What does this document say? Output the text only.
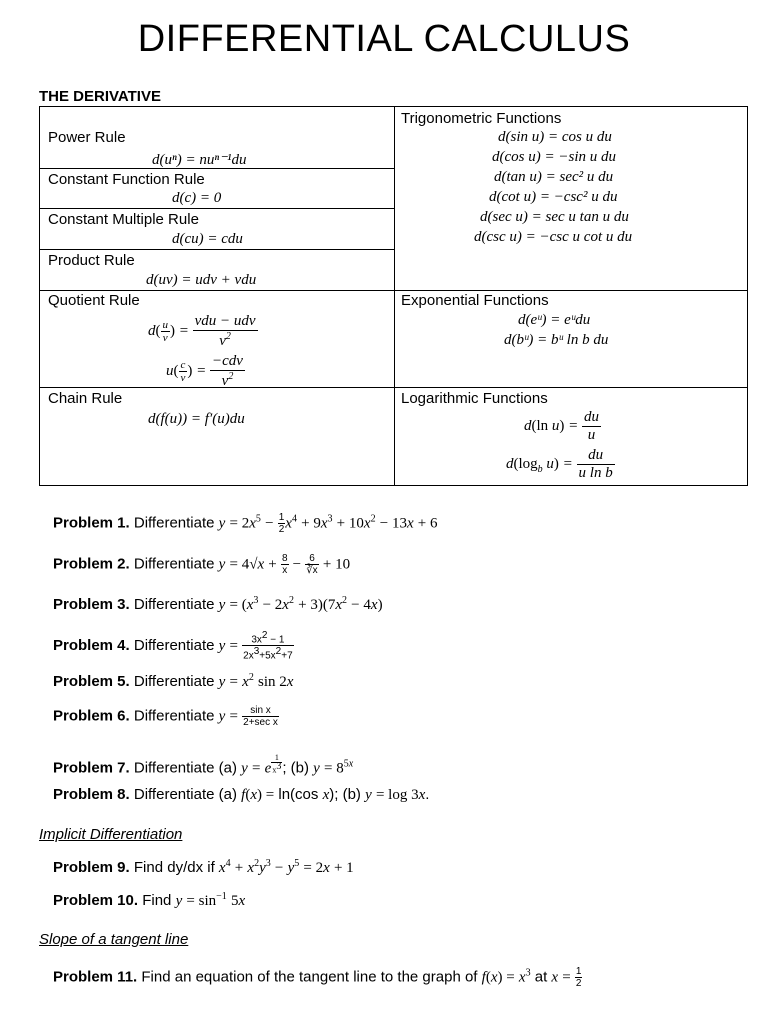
DIFFERENTIAL CALCULUS
THE DERIVATIVE
Power Rule
d(uⁿ) = nuⁿ⁻¹du
Constant Function Rule
d(c) = 0
Constant Multiple Rule
d(cu) = cdu
Product Rule
d(uv) = udv + vdu
Quotient Rule
$d( \frac{u}{v}$ ) = $\frac{\text{vdu − udv}}{v^2}$
$u( \frac{c}{v}$ ) = $\frac{\text{−cdv}}{v^2}$
Chain Rule
d(f(u)) = f′(u)du
Trigonometric Functions
d(sin u) = cos u du
d(cos u) = −sin u du
d(tan u) = sec² u du
d(cot u) = −csc² u du
d(sec u) = sec u tan u du
d(csc u) = −csc u cot u du
Exponential Functions
d(eᵘ) = eᵘdu
d(bᵘ) = bᵘ ln b du
Logarithmic Functions
d(ln $u) = \frac{du}{u}$
$d(\log_b$ $u) = \frac{du}{\text{u ln b}}$
Problem 1. Differentiate $y = 2x^5 - \frac{1}{2} x^4 + 9x^3 + 10x^2 - 13x + 6$
Problem 2. Differentiate $y = 4√x + \frac{8}{x} - \frac{6}{∛x} + 10$
Problem 3. Differentiate $y = (x^3 - 2x^2 + 3)(7x^2 - 4x)$
Problem 4. Differentiate $y = \frac{3x^2 - 1}{2x^3+5x^2+7}$
Problem 5. Differentiate $y = x^2$ sin 2x
Problem 6. Differentiate $y = \frac{\text{sin x}}{\text{2+sec x}}$
Problem 7. Differentiate (a) y = e $^{\frac{1}{x^3}}$ ; (b) $y = 8^{5x}$
Problem 8. Differentiate (a) f(x) = ln(cos x); (b) y = log 3x.
Implicit Differentiation
Problem 9. Find dy/dx if $x^4 + x^2y^3 - y^5 = 2x + 1$
Problem 10. Find $y = \sin^{-1} 5x$
Slope of a tangent line
Problem 11. Find an equation of the tangent line to the graph of $f(x) = x^3$ at $x = \frac{1}{2}$
